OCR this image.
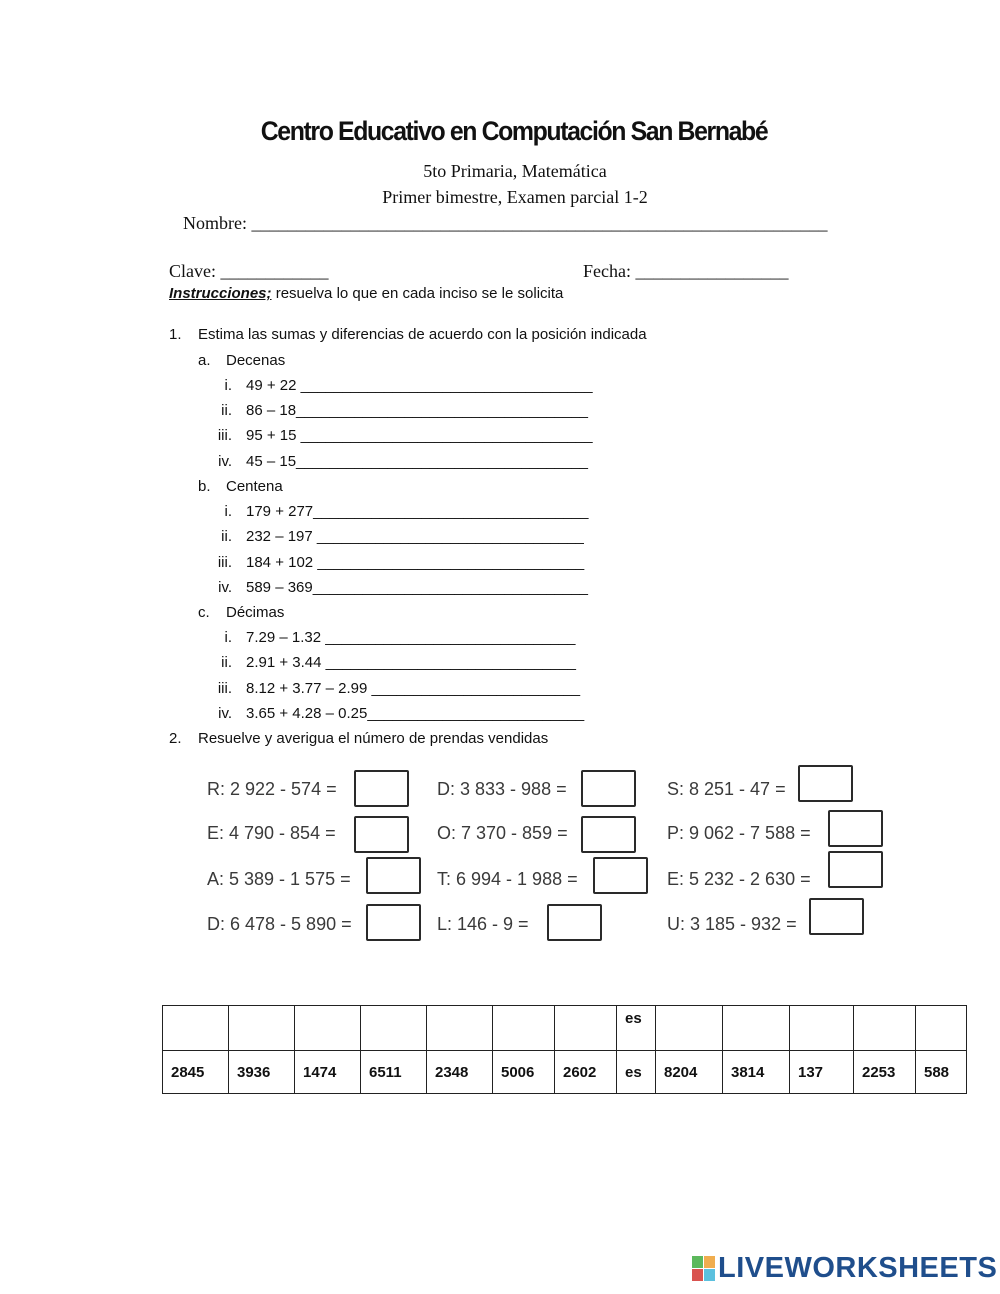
Centro Educativo en Computación San Bernabé
5to Primaria, Matemática
Primer bimestre, Examen parcial 1-2
Nombre: ________________________________________________________________
Clave: ____________	Fecha: _________________
Instrucciones; resuelva lo que en cada inciso se le solicita
1. Estima las sumas y diferencias de acuerdo con la posición indicada
a. Decenas
i. 49 + 22 ___________________________________
ii. 86 – 18___________________________________
iii. 95 + 15 ___________________________________
iv. 45 – 15___________________________________
b. Centena
i. 179 + 277_________________________________
ii. 232 – 197 ________________________________
iii. 184 + 102 ________________________________
iv. 589 – 369_________________________________
c. Décimas
i. 7.29 – 1.32 ______________________________
ii. 2.91 + 3.44 ______________________________
iii. 8.12 + 3.77 – 2.99 _________________________
iv. 3.65 + 4.28 – 0.25__________________________
2. Resuelve y averigua el número de prendas vendidas
R: 2 922 - 574 =	D: 3 833 - 988 =	S: 8 251 - 47 =
E: 4 790 - 854 =	O: 7 370 - 859 =	P: 9 062 - 7 588 =
A: 5 389 - 1 575 =	T: 6 994 - 1 988 =	E: 5 232 - 2 630 =
D: 6 478 - 5 890 =	L: 146 - 9 =	U: 3 185 - 932 =
							es					
2845	3936	1474	6511	2348	5006	2602	es	8204	3814	137	2253	588
LIVEWORKSHEETS
